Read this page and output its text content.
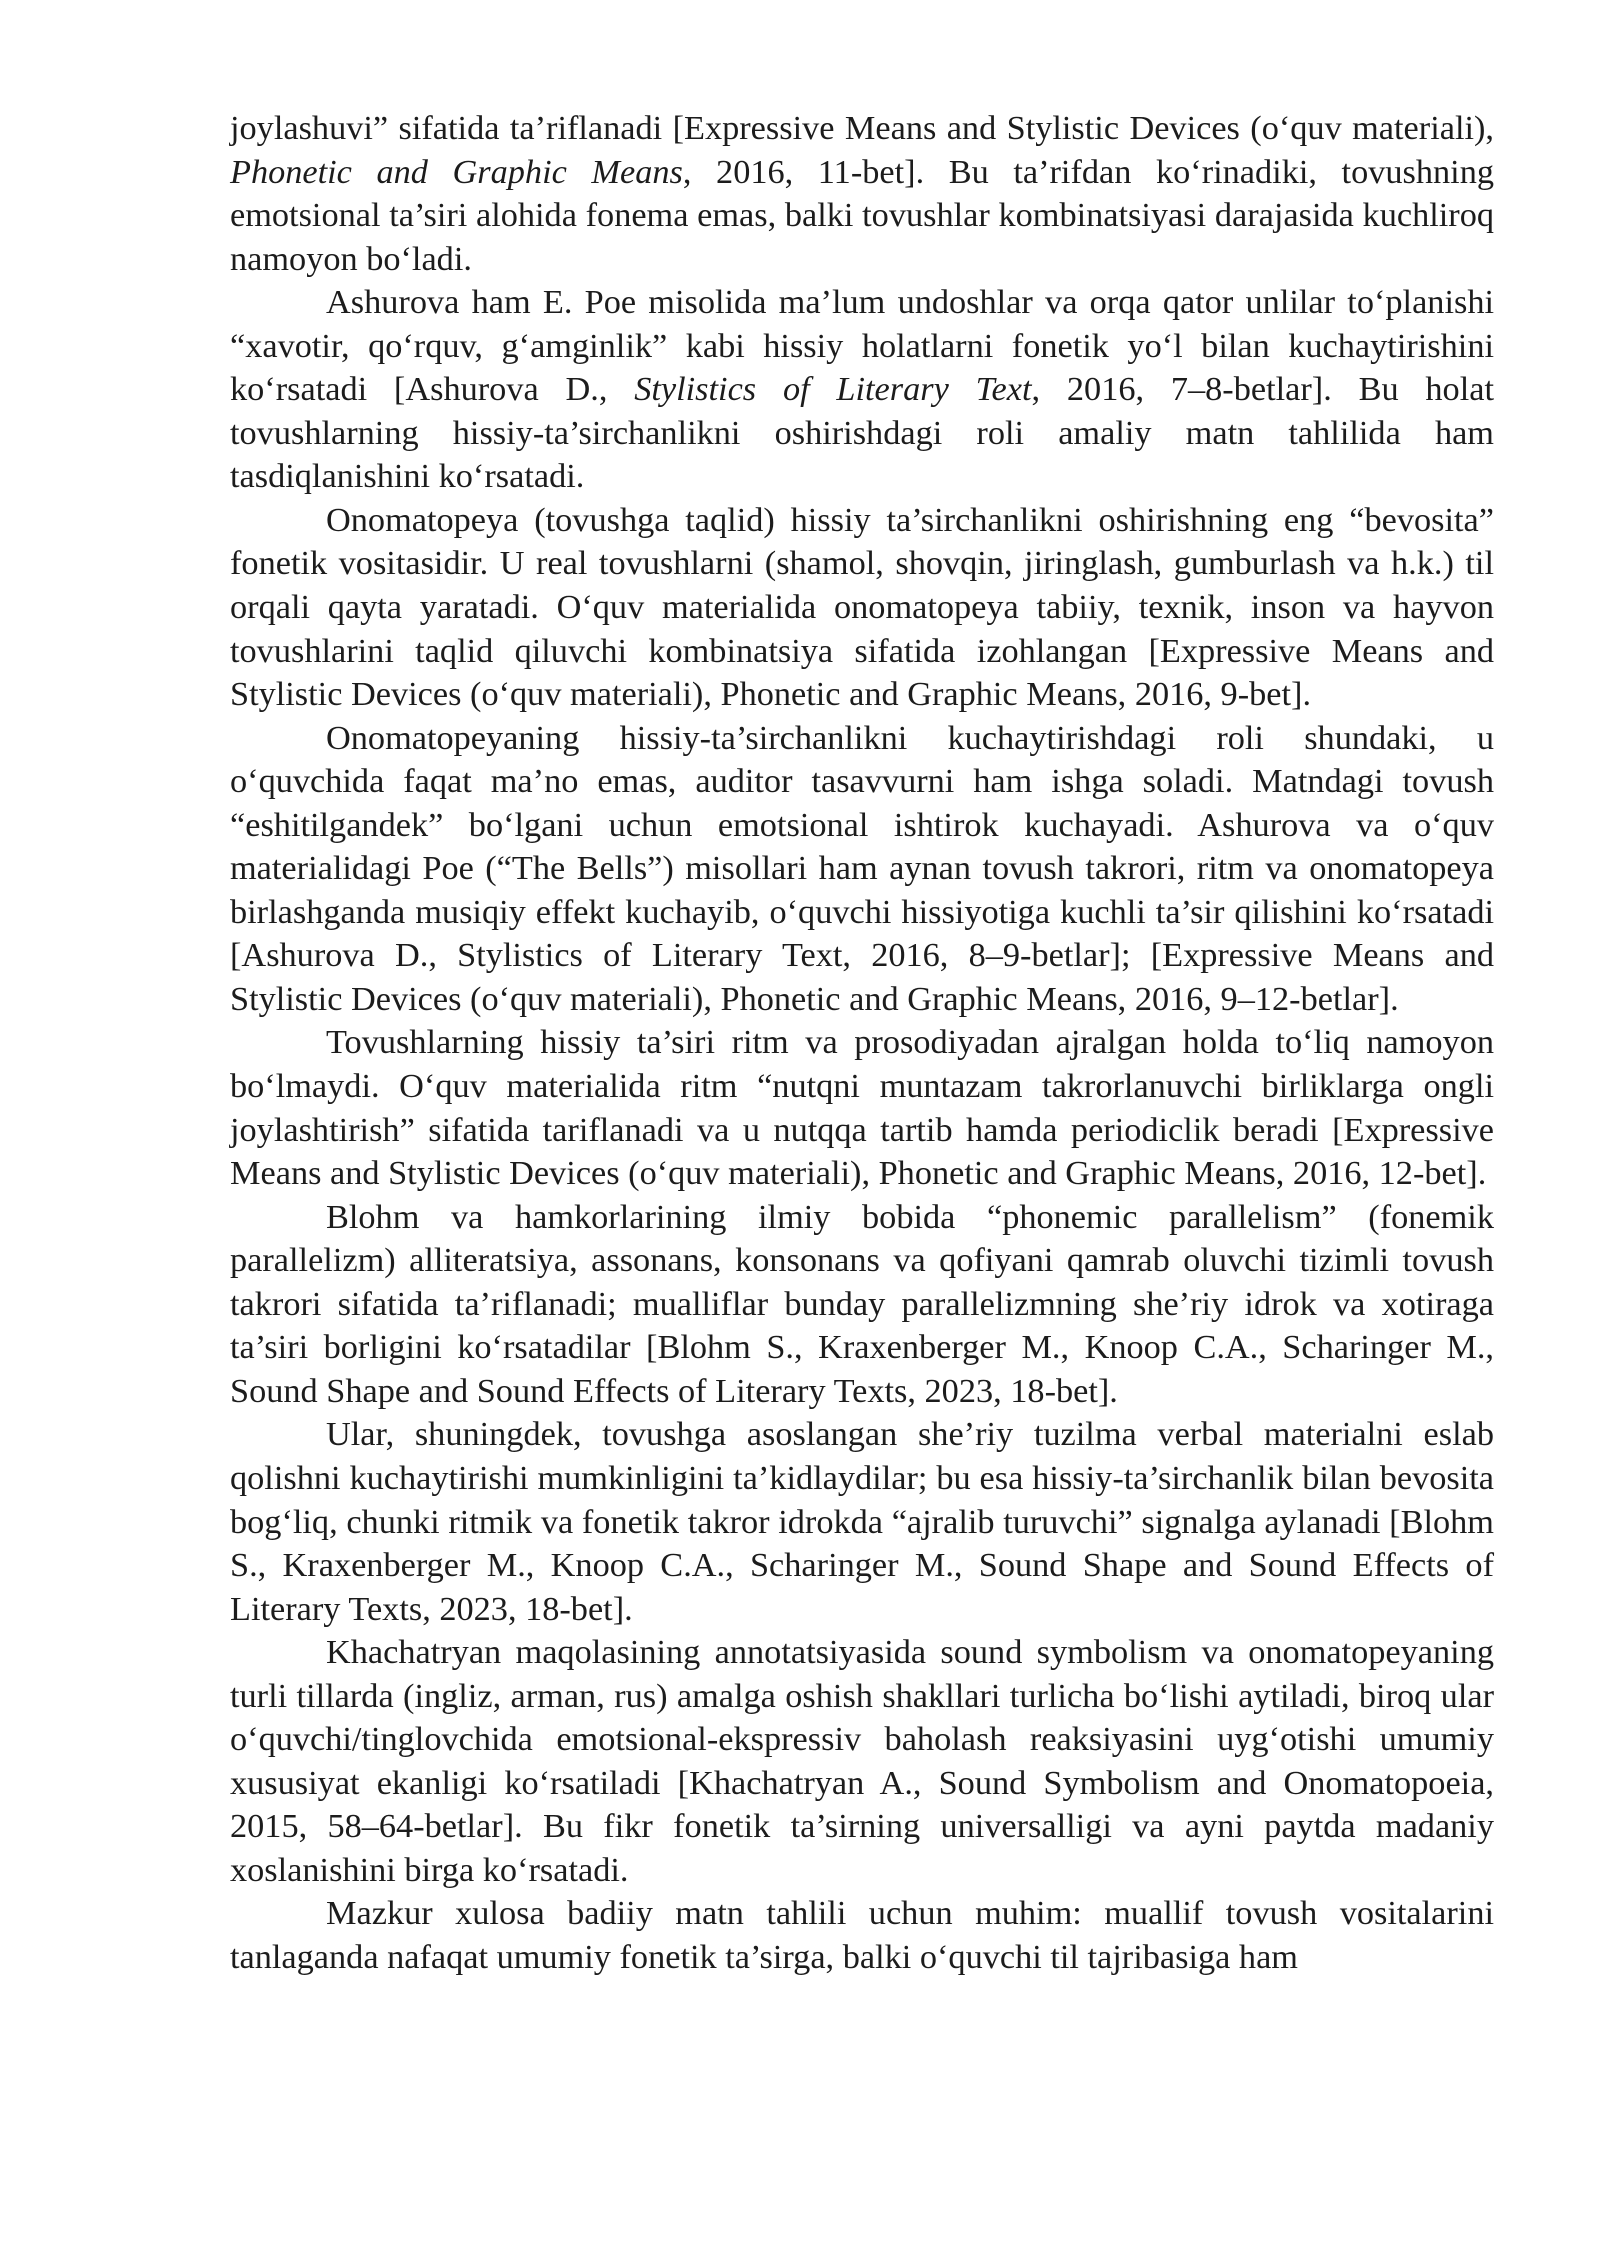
joylashuvi” sifatida ta’riflanadi [Expressive Means and Stylistic Devices (o‘quv materiali), Phonetic and Graphic Means, 2016, 11-bet]. Bu ta’rifdan ko‘rinadiki, tovushning emotsional ta’siri alohida fonema emas, balki tovushlar kombinatsiyasi darajasida kuchliroq namoyon bo‘ladi.

Ashurova ham E. Poe misolida ma’lum undoshlar va orqa qator unlilar to‘planishi “xavotir, qo‘rquv, g‘amginlik” kabi hissiy holatlarni fonetik yo‘l bilan kuchaytirishini ko‘rsatadi [Ashurova D., Stylistics of Literary Text, 2016, 7–8-betlar]. Bu holat tovushlarning hissiy-ta’sirchanlikni oshirishdagi roli amaliy matn tahlilida ham tasdiqlanishini ko‘rsatadi.

Onomatopeya (tovushga taqlid) hissiy ta’sirchanlikni oshirishning eng “bevosita” fonetik vositasidir. U real tovushlarni (shamol, shovqin, jiringlash, gumburlash va h.k.) til orqali qayta yaratadi. O‘quv materialida onomatopeya tabiiy, texnik, inson va hayvon tovushlarini taqlid qiluvchi kombinatsiya sifatida izohlangan [Expressive Means and Stylistic Devices (o‘quv materiali), Phonetic and Graphic Means, 2016, 9-bet].

Onomatopeyaning hissiy-ta’sirchanlikni kuchaytirishdagi roli shundaki, u o‘quvchida faqat ma’no emas, auditor tasavvurni ham ishga soladi. Matndagi tovush “eshitilgandek” bo‘lgani uchun emotsional ishtirok kuchayadi. Ashurova va o‘quv materialidagi Poe (“The Bells”) misollari ham aynan tovush takrori, ritm va onomatopeya birlashganda musiqiy effekt kuchayib, o‘quvchi hissiyotiga kuchli ta’sir qilishini ko‘rsatadi [Ashurova D., Stylistics of Literary Text, 2016, 8–9-betlar]; [Expressive Means and Stylistic Devices (o‘quv materiali), Phonetic and Graphic Means, 2016, 9–12-betlar].

Tovushlarning hissiy ta’siri ritm va prosodiyadan ajralgan holda to‘liq namoyon bo‘lmaydi. O‘quv materialida ritm “nutqni muntazam takrorlanuvchi birliklarga ongli joylashtirish” sifatida tariflanadi va u nutqqa tartib hamda periodiclik beradi [Expressive Means and Stylistic Devices (o‘quv materiali), Phonetic and Graphic Means, 2016, 12-bet].

Blohm va hamkorlarining ilmiy bobida “phonemic parallelism” (fonemik parallelizm) alliteratsiya, assonans, konsonans va qofiyani qamrab oluvchi tizimli tovush takrori sifatida ta’riflanadi; mualliflar bunday parallelizmning she’riy idrok va xotiraga ta’siri borligini ko‘rsatadilar [Blohm S., Kraxenberger M., Knoop C.A., Scharinger M., Sound Shape and Sound Effects of Literary Texts, 2023, 18-bet].

Ular, shuningdek, tovushga asoslangan she’riy tuzilma verbal materialni eslab qolishni kuchaytirishi mumkinligini ta’kidlaydilar; bu esa hissiy-ta’sirchanlik bilan bevosita bog‘liq, chunki ritmik va fonetik takror idrokda “ajralib turuvchi” signalga aylanadi [Blohm S., Kraxenberger M., Knoop C.A., Scharinger M., Sound Shape and Sound Effects of Literary Texts, 2023, 18-bet].

Khachatryan maqolasining annotatsiyasida sound symbolism va onomatopeyaning turli tillarda (ingliz, arman, rus) amalga oshish shakllari turlicha bo‘lishi aytiladi, biroq ular o‘quvchi/tinglovchida emotsional-ekspressiv baholash reaksiyasini uyg‘otishi umumiy xususiyat ekanligi ko‘rsatiladi [Khachatryan A., Sound Symbolism and Onomatopoeia, 2015, 58–64-betlar]. Bu fikr fonetik ta’sirning universalligi va ayni paytda madaniy xoslanishini birga ko‘rsatadi.

Mazkur xulosa badiiy matn tahlili uchun muhim: muallif tovush vositalarini tanlaganda nafaqat umumiy fonetik ta’sirga, balki o‘quvchi til tajribasiga ham
